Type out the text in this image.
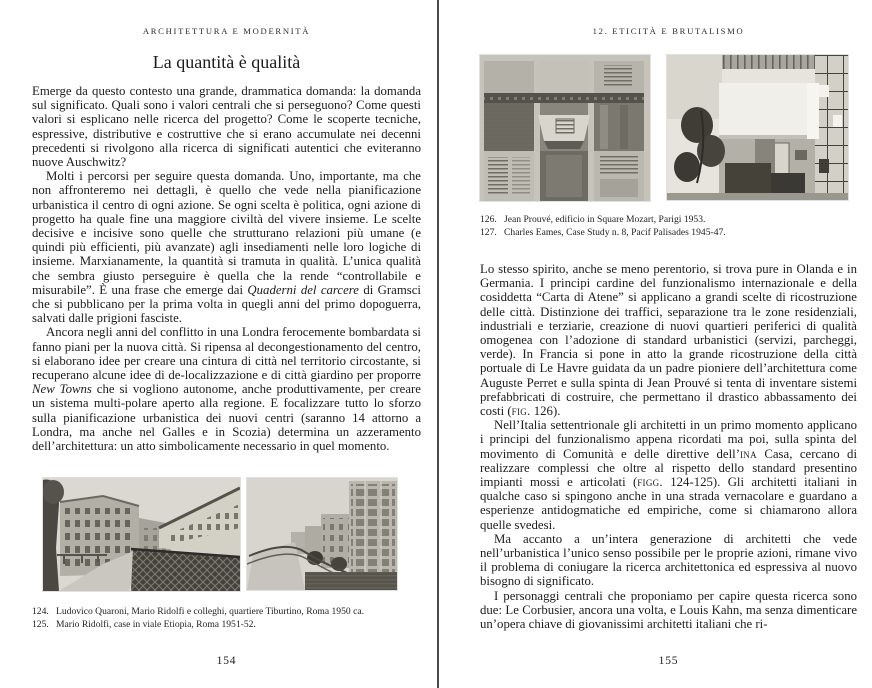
ARCHITETTURA E MODERNITÀ
La quantità è qualità

Emerge da questo contesto una grande, drammatica domanda: la domanda sul significato. Quali sono i valori centrali che si perseguono? Come questi valori si esplicano nelle ricerca del progetto? Come le scoperte tecniche, espressive, distributive e costruttive che si erano accumulate nei decenni precedenti si rivolgono alla ricerca di significati autentici che eviteranno nuove Auschwitz?

Molti i percorsi per seguire questa domanda. Uno, importante, ma che non affronteremo nei dettagli, è quello che vede nella pianificazione urbanistica il centro di ogni azione. Se ogni scelta è politica, ogni azione di progetto ha quale fine una maggiore civiltà del vivere insieme. Le scelte decisive e incisive sono quelle che strutturano relazioni più umane (e quindi più efficienti, più avanzate) agli insediamenti nelle loro logiche di insieme. Marxianamente, la quantità si tramuta in qualità. L’unica qualità che sembra giusto perseguire è quella che la rende “controllabile e misurabile”. È una frase che emerge dai Quaderni del carcere di Gramsci che si pubblicano per la prima volta in quegli anni del primo dopoguerra, salvati dalle prigioni fasciste.

Ancora negli anni del conflitto in una Londra ferocemente bombardata si fanno piani per la nuova città. Si ripensa al decongestionamento del centro, si elaborano idee per creare una cintura di città nel territorio circostante, si recuperano alcune idee di de-localizzazione e di città giardino per proporre New Towns che si vogliono autonome, anche produttivamente, per creare un sistema multi-polare aperto alla regione. E focalizzare tutto lo sforzo sulla pianificazione urbanistica dei nuovi centri (saranno 14 attorno a Londra, ma anche nel Galles e in Scozia) determina un azzeramento dell’architettura: un atto simbolicamente necessario in quel momento.

124. Ludovico Quaroni, Mario Ridolfi e colleghi, quartiere Tiburtino, Roma 1950 ca.
125. Mario Ridolfi, case in viale Etiopia, Roma 1951-52.
154
12. ETICITÀ E BRUTALISMO
126. Jean Prouvé, edificio in Square Mozart, Parigi 1953.
127. Charles Eames, Case Study n. 8, Pacif Palisades 1945-47.

Lo stesso spirito, anche se meno perentorio, si trova pure in Olanda e in Germania. I principi cardine del funzionalismo internazionale e della cosiddetta “Carta di Atene” si applicano a grandi scelte di ricostruzione delle città. Distinzione dei traffici, separazione tra le zone residenziali, industriali e terziarie, creazione di nuovi quartieri periferici di qualità omogenea con l’adozione di standard urbanistici (servizi, parcheggi, verde). In Francia si pone in atto la grande ricostruzione della città portuale di Le Havre guidata da un padre pioniere dell’architettura come Auguste Perret e sulla spinta di Jean Prouvé si tenta di inventare sistemi prefabbricati di costruire, che permettano il drastico abbassamento dei costi (fig. 126).

Nell’Italia settentrionale gli architetti in un primo momento applicano i principi del funzionalismo appena ricordati ma poi, sulla spinta del movimento di Comunità e delle direttive dell’ina Casa, cercano di realizzare complessi che oltre al rispetto dello standard presentino impianti mossi e articolati (figg. 124-125). Gli architetti italiani in qualche caso si spingono anche in una strada vernacolare e guardano a esperienze antidogmatiche ed empiriche, come si chiamarono allora quelle svedesi.

Ma accanto a un’intera generazione di architetti che vede nell’urbanistica l’unico senso possibile per le proprie azioni, rimane vivo il problema di coniugare la ricerca architettonica ed espressiva al nuovo bisogno di significato.

I personaggi centrali che proponiamo per capire questa ricerca sono due: Le Corbusier, ancora una volta, e Louis Kahn, ma senza dimenticare un’opera chiave di giovanissimi architetti italiani che ri-

155
